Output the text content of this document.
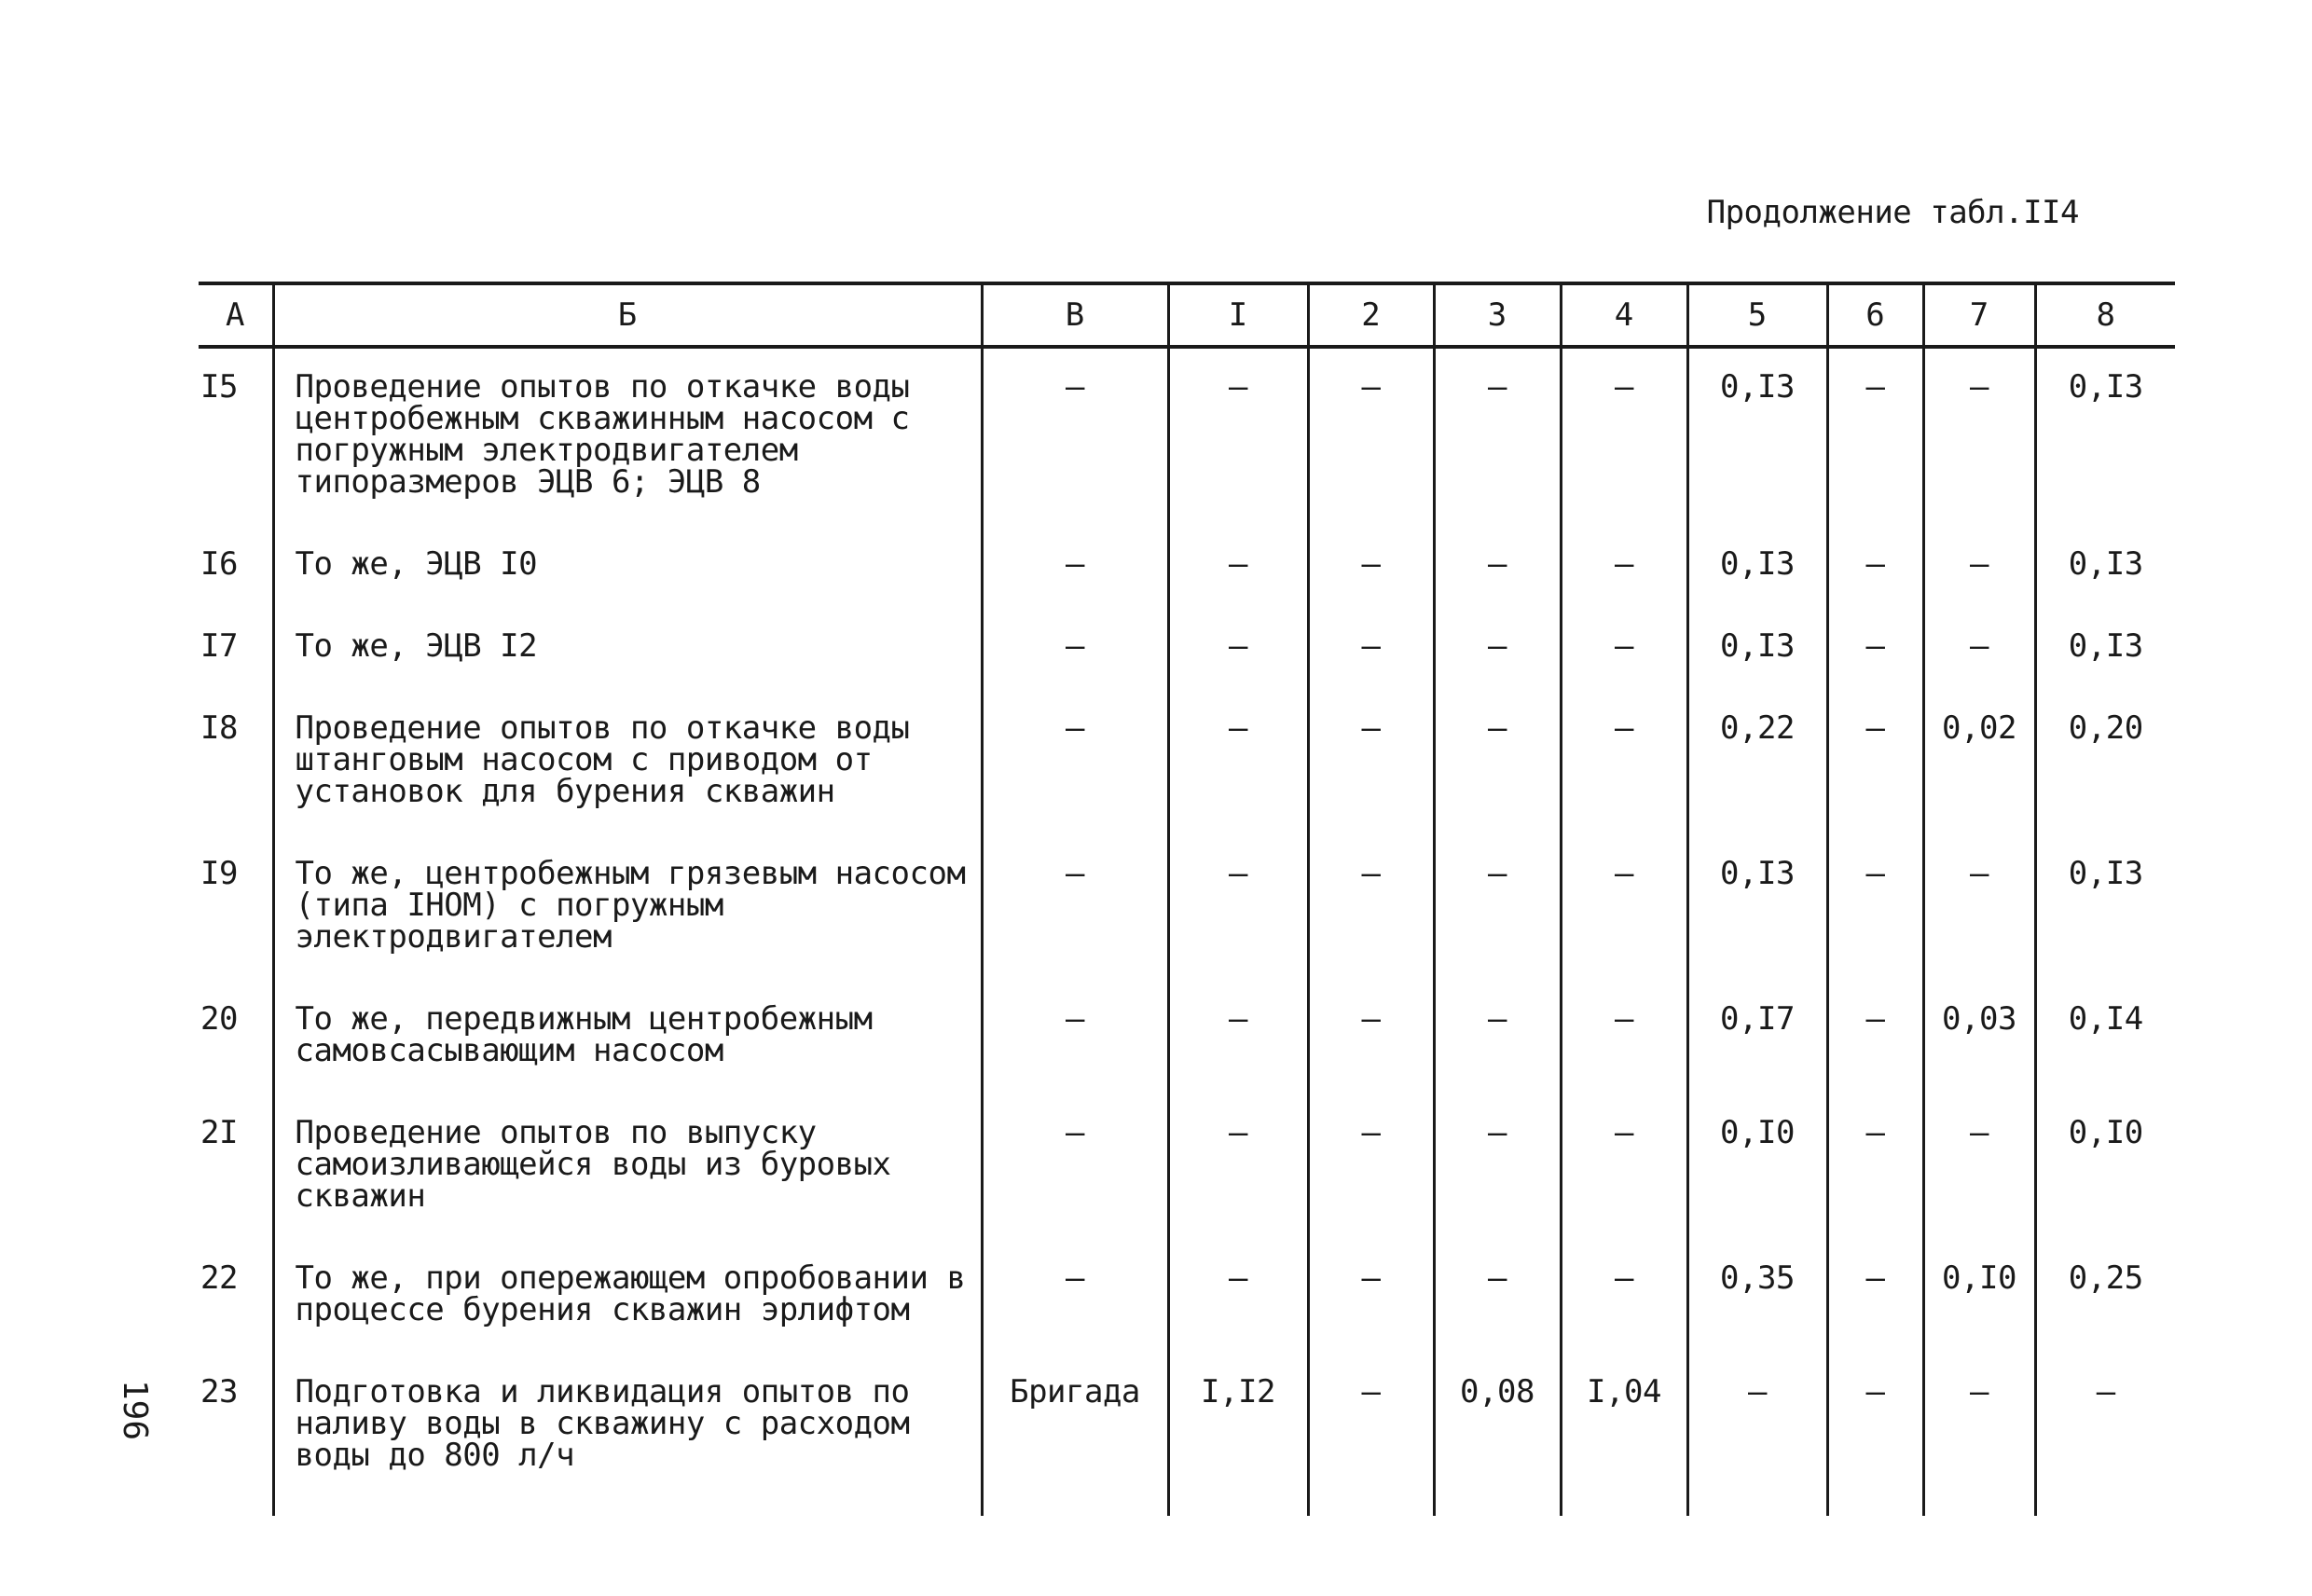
Продолжение табл.II4
А	Б	В	I	2	3	4	5	6	7	8
I5	Проведение опытов по откачке воды центробежным скважинным насосом с погружным электродвигателем типоразмеров ЭЦВ 6; ЭЦВ 8	–	–	–	–	–	0,I3	–	–	0,I3
I6	То же, ЭЦВ I0	–	–	–	–	–	0,I3	–	–	0,I3
I7	То же, ЭЦВ I2	–	–	–	–	–	0,I3	–	–	0,I3
I8	Проведение опытов по откачке воды штанговым насосом с приводом от установок для бурения скважин	–	–	–	–	–	0,22	–	0,02	0,20
I9	То же, центробежным грязевым насосом (типа IНОМ) с погружным электродвигателем	–	–	–	–	–	0,I3	–	–	0,I3
20	То же, передвижным центробежным самовсасывающим насосом	–	–	–	–	–	0,I7	–	0,03	0,I4
2I	Проведение опытов по выпуску самоизливающейся воды из буровых скважин	–	–	–	–	–	0,I0	–	–	0,I0
22	То же, при опережающем опробовании в процессе бурения скважин эрлифтом	–	–	–	–	–	0,35	–	0,I0	0,25
23	Подготовка и ликвидация опытов по наливу воды в скважину с расходом воды до 800 л/ч	Бригада	I,I2	–	0,08	I,04	–	–	–	—
196
